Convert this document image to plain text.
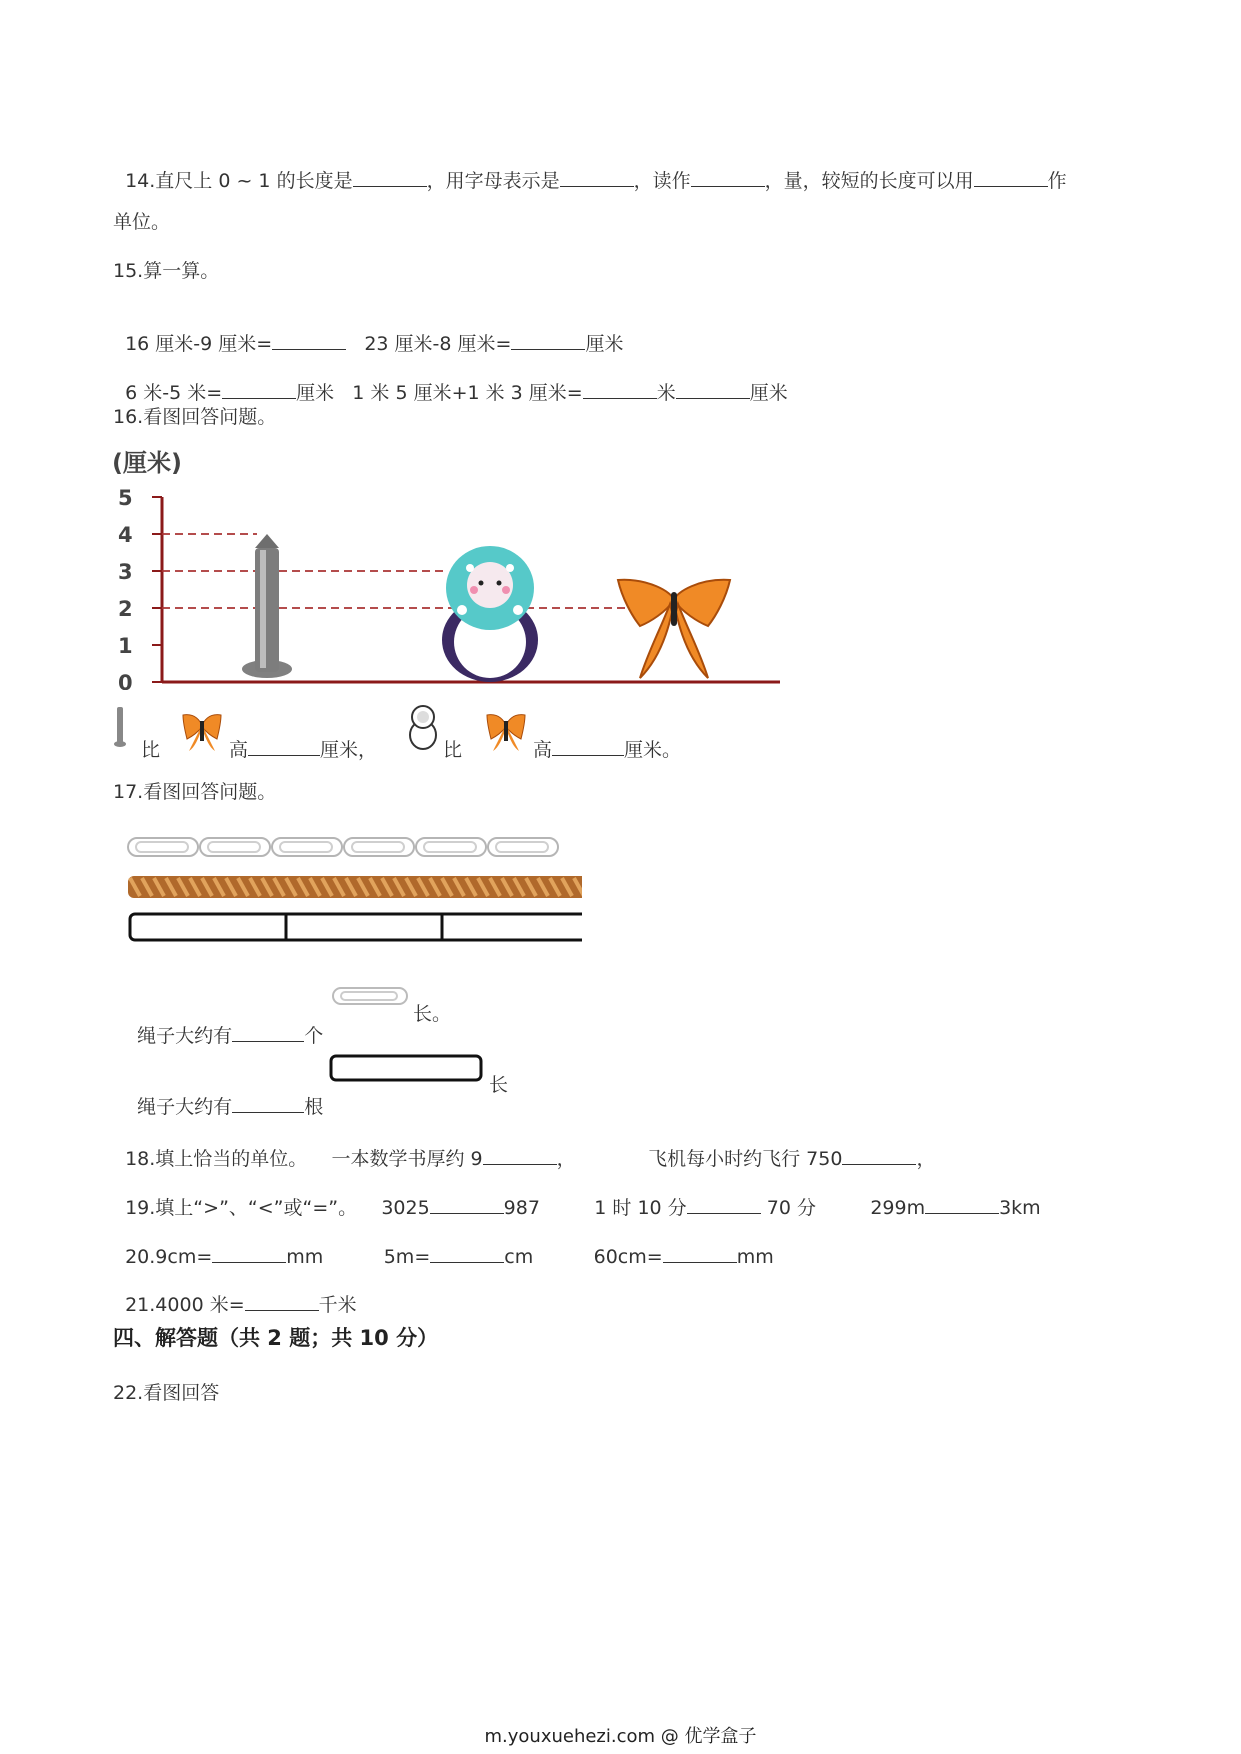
14.直尺上 0 ~ 1 的长度是	，用字母表示是	，读作	，量，较短的长度可以用	作

单位。
15.算一算。

16 厘米-9 厘米=	23 厘米-8 厘米=	厘米

6 米-5 米=	厘米 1 米 5 厘米+1 米 3 厘米=	米	厘米

16.看图回答问题。
(厘米)
0
1
2
3
4
5
比	高	厘米，	比	高	厘米。
17.看图回答问题。

绳子大约有	个

长。

绳子大约有	根

长

18.填上恰当的单位。 一本数学书厚约 9	，	飞机每小时约飞行 750	，

19.填上“>”、“<”或“=”。 3025	987	1 时 10 分	70 分	299m	3km

20.9cm=	mm	5m=	cm	60cm=	mm

21.4000 米=	千米

四、解答题（共 2 题；共 10 分）
22.看图回答
m.youxuehezi.com @ 优学盒子
